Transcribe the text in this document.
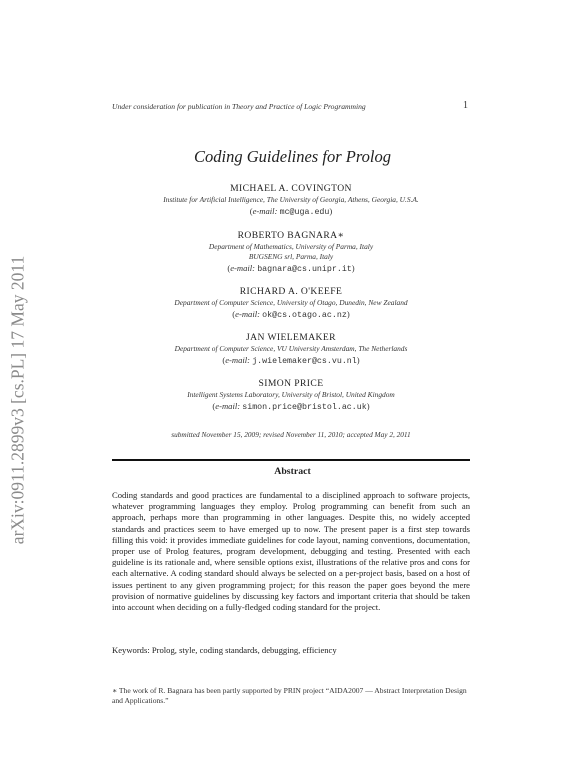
arXiv:0911.2899v3 [cs.PL] 17 May 2011
Under consideration for publication in Theory and Practice of Logic Programming	1
Coding Guidelines for Prolog
MICHAEL A. COVINGTON
Institute for Artificial Intelligence, The University of Georgia, Athens, Georgia, U.S.A.
(e-mail: mc@uga.edu)
ROBERTO BAGNARA∗
Department of Mathematics, University of Parma, Italy
BUGSENG srl, Parma, Italy
(e-mail: bagnara@cs.unipr.it)
RICHARD A. O'KEEFE
Department of Computer Science, University of Otago, Dunedin, New Zealand
(e-mail: ok@cs.otago.ac.nz)
JAN WIELEMAKER
Department of Computer Science, VU University Amsterdam, The Netherlands
(e-mail: j.wielemaker@cs.vu.nl)
SIMON PRICE
Intelligent Systems Laboratory, University of Bristol, United Kingdom
(e-mail: simon.price@bristol.ac.uk)
submitted November 15, 2009; revised November 11, 2010; accepted May 2, 2011
Abstract
Coding standards and good practices are fundamental to a disciplined approach to software projects, whatever programming languages they employ. Prolog programming can benefit from such an approach, perhaps more than programming in other languages. Despite this, no widely accepted standards and practices seem to have emerged up to now. The present paper is a first step towards filling this void: it provides immediate guidelines for code layout, naming conventions, documentation, proper use of Prolog features, program development, debugging and testing. Presented with each guideline is its rationale and, where sensible options exist, illustrations of the relative pros and cons for each alternative. A coding standard should always be selected on a per-project basis, based on a host of issues pertinent to any given programming project; for this reason the paper goes beyond the mere provision of normative guidelines by discussing key factors and important criteria that should be taken into account when deciding on a fully-fledged coding standard for the project.
Keywords: Prolog, style, coding standards, debugging, efficiency
∗ The work of R. Bagnara has been partly supported by PRIN project “AIDA2007 — Abstract Interpretation Design and Applications.”
